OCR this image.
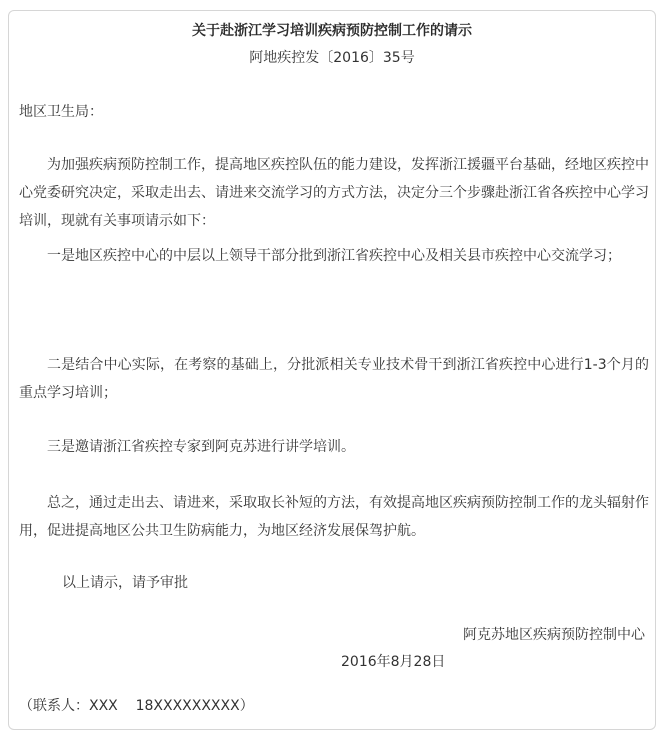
关于赴浙江学习培训疾病预防控制工作的请示
阿地疾控发〔2016〕35号
地区卫生局：
为加强疾病预防控制工作，提高地区疾控队伍的能力建设，发挥浙江援疆平台基础，经地区疾控中心党委研究决定，采取走出去、请进来交流学习的方式方法，决定分三个步骤赴浙江省各疾控中心学习培训，现就有关事项请示如下：
一是地区疾控中心的中层以上领导干部分批到浙江省疾控中心及相关县市疾控中心交流学习；
二是结合中心实际，在考察的基础上，分批派相关专业技术骨干到浙江省疾控中心进行1-3个月的重点学习培训；
三是邀请浙江省疾控专家到阿克苏进行讲学培训。
总之，通过走出去、请进来，采取取长补短的方法，有效提高地区疾病预防控制工作的龙头辐射作用，促进提高地区公共卫生防病能力，为地区经济发展保驾护航。
以上请示，请予审批
阿克苏地区疾病预防控制中心
2016年8月28日
（联系人：XXX    18XXXXXXXXX）
